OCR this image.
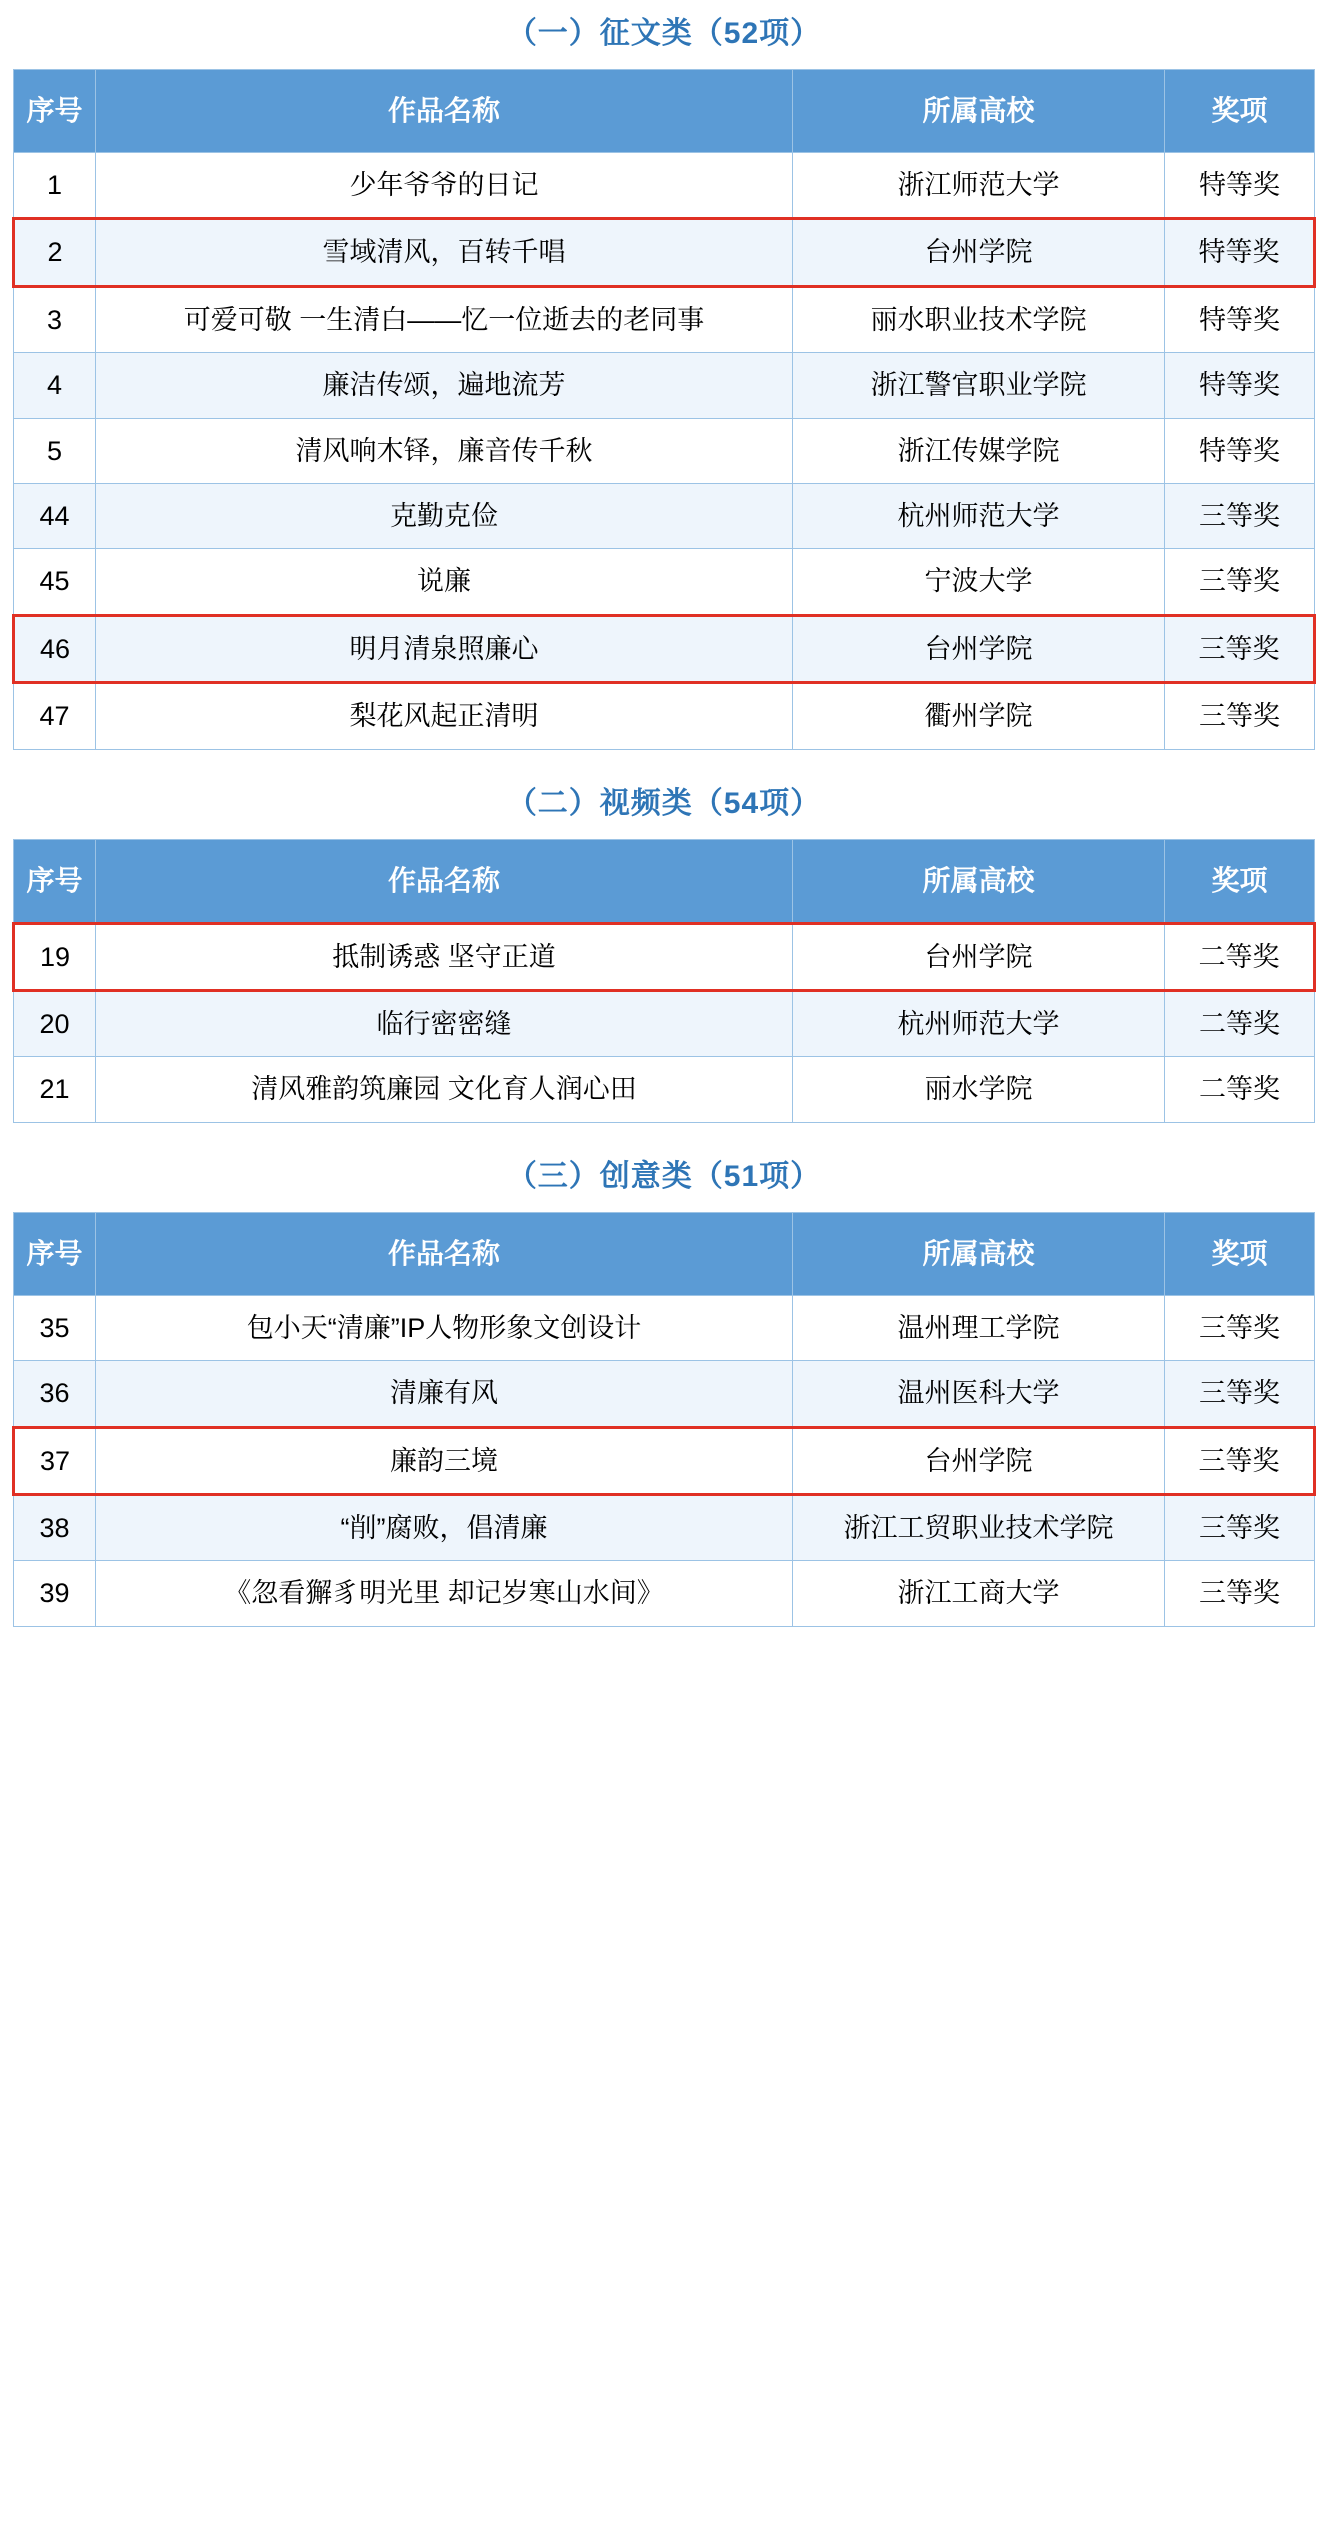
（一）征文类（52项）
序号	作品名称	所属高校	奖项
1	少年爷爷的日记	浙江师范大学	特等奖
2	雪域清风，百转千唱	台州学院	特等奖
3	可爱可敬 一生清白——忆一位逝去的老同事	丽水职业技术学院	特等奖
4	廉洁传颂，遍地流芳	浙江警官职业学院	特等奖
5	清风响木铎，廉音传千秋	浙江传媒学院	特等奖
44	克勤克俭	杭州师范大学	三等奖
45	说廉	宁波大学	三等奖
46	明月清泉照廉心	台州学院	三等奖
47	梨花风起正清明	衢州学院	三等奖
（二）视频类（54项）
序号	作品名称	所属高校	奖项
19	抵制诱惑 坚守正道	台州学院	二等奖
20	临行密密缝	杭州师范大学	二等奖
21	清风雅韵筑廉园 文化育人润心田	丽水学院	二等奖
（三）创意类（51项）
序号	作品名称	所属高校	奖项
35	包小天“清廉”IP人物形象文创设计	温州理工学院	三等奖
36	清廉有风	温州医科大学	三等奖
37	廉韵三境	台州学院	三等奖
38	“削”腐败，倡清廉	浙江工贸职业技术学院	三等奖
39	《忽看獬豸明光里 却记岁寒山水间》	浙江工商大学	三等奖
